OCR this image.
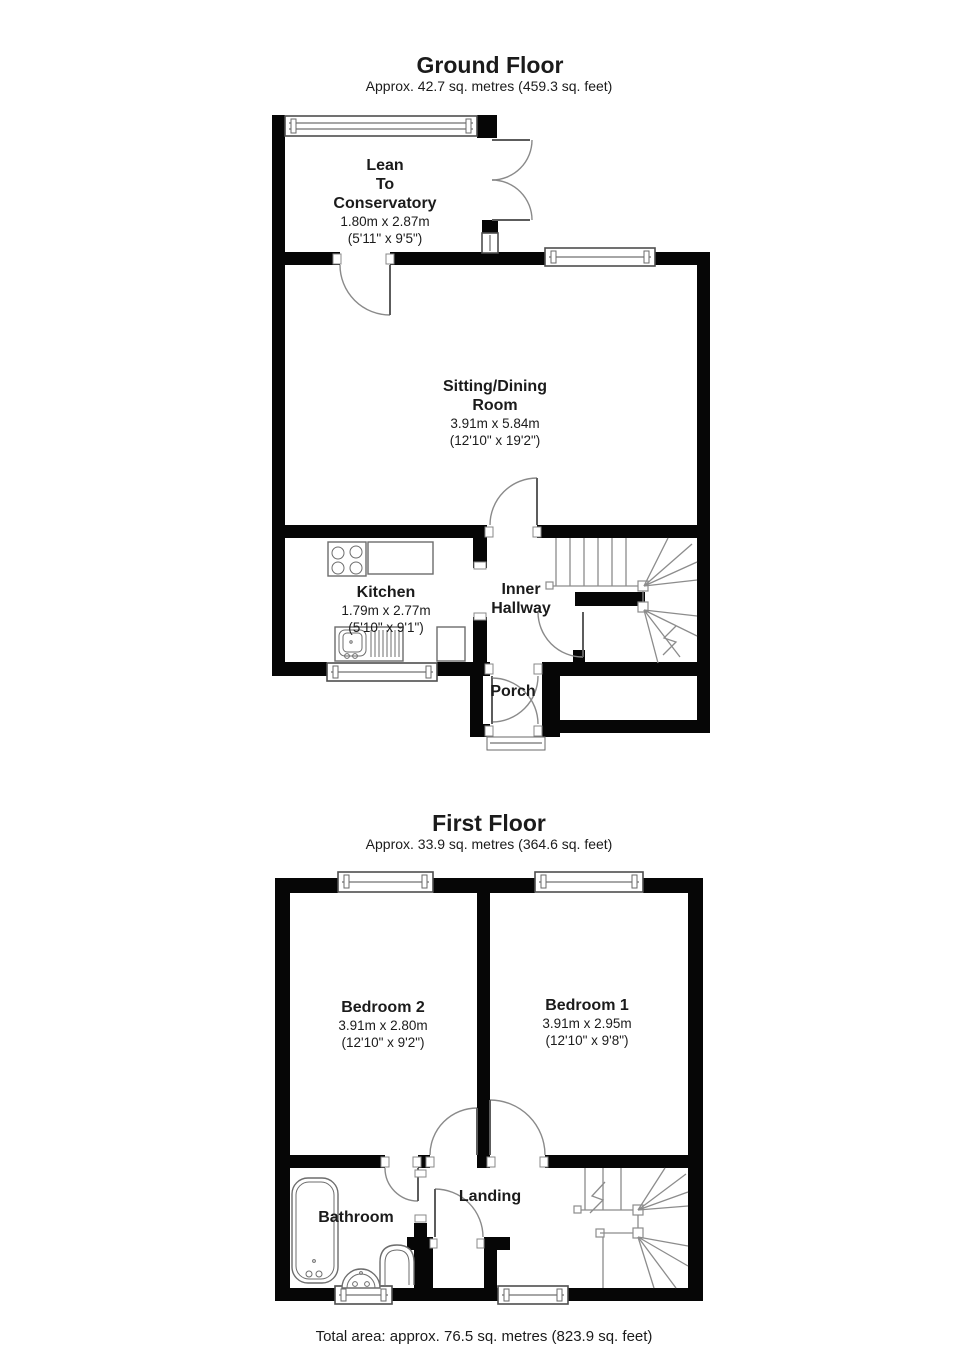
Ground Floor
Approx. 42.7 sq. metres (459.3 sq. feet)
Lean
To
Conservatory
1.80m x 2.87m
(5'11" x 9'5")
Sitting/Dining
Room
3.91m x 5.84m
(12'10" x 19'2")
Kitchen
1.79m x 2.77m
(5'10" x 9'1")
Inner
Hallway
Porch
First Floor
Approx. 33.9 sq. metres (364.6 sq. feet)
Bedroom 2
3.91m x 2.80m
(12'10" x 9'2")
Bedroom 1
3.91m x 2.95m
(12'10" x 9'8")
Bathroom
Landing
Total area: approx. 76.5 sq. metres (823.9 sq. feet)
